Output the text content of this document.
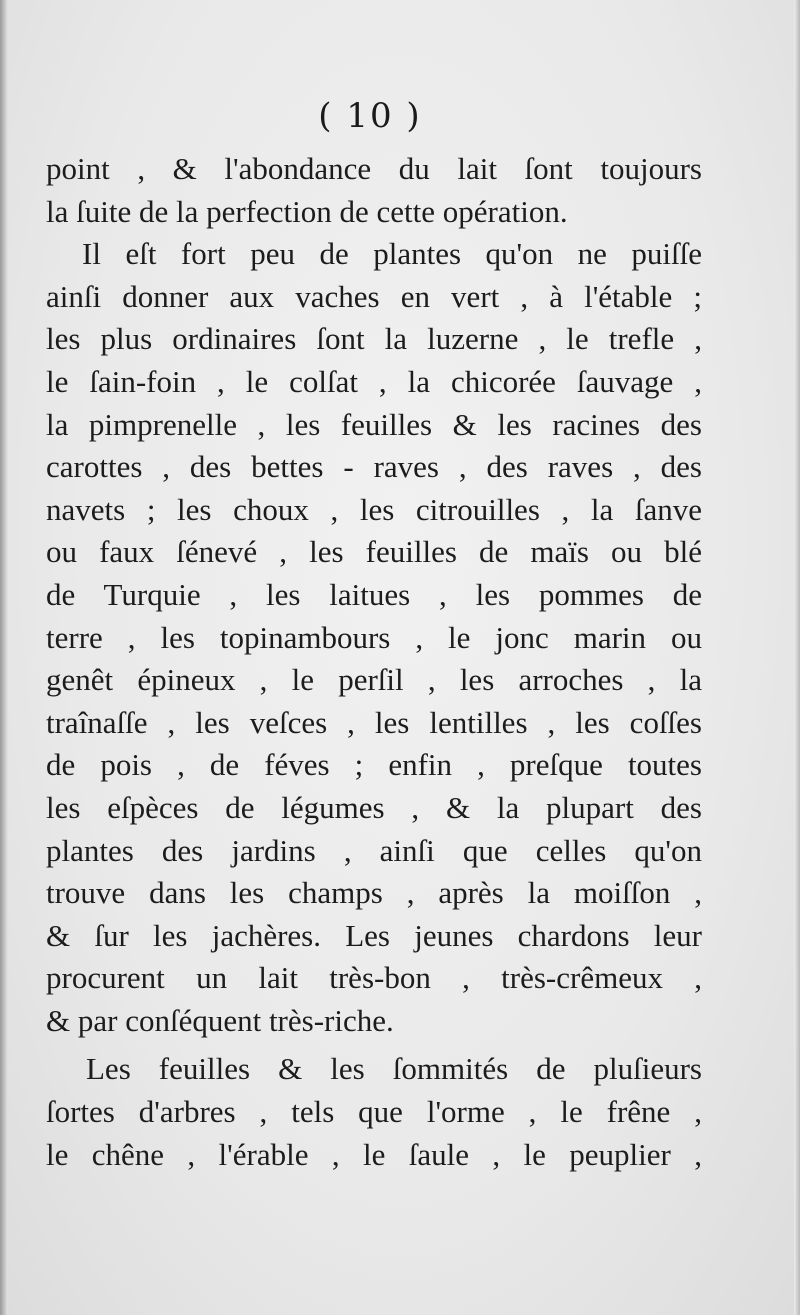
( 10 )
point , & l'abondance du lait ſont toujours
la ſuite de la perfection de cette opération.
Il eſt fort peu de plantes qu'on ne puiſſe
ainſi donner aux vaches en vert , à l'étable ;
les plus ordinaires ſont la luzerne , le trefle ,
le ſain-foin , le colſat , la chicorée ſauvage ,
la pimprenelle , les feuilles & les racines des
carottes , des bettes - raves , des raves , des
navets ; les choux , les citrouilles , la ſanve
ou faux ſénevé , les feuilles de maïs ou blé
de Turquie , les laitues , les pommes de
terre , les topinambours , le jonc marin ou
genêt épineux , le perſil , les arroches , la
traînaſſe , les veſces , les lentilles , les coſſes
de pois , de féves ; enfin , preſque toutes
les eſpèces de légumes , & la plupart des
plantes des jardins , ainſi que celles qu'on
trouve dans les champs , après la moiſſon ,
& ſur les jachères. Les jeunes chardons leur
procurent un lait très-bon , très-crêmeux ,
& par conſéquent très-riche.
Les feuilles & les ſommités de pluſieurs
ſortes d'arbres , tels que l'orme , le frêne ,
le chêne , l'érable , le ſaule , le peuplier ,
